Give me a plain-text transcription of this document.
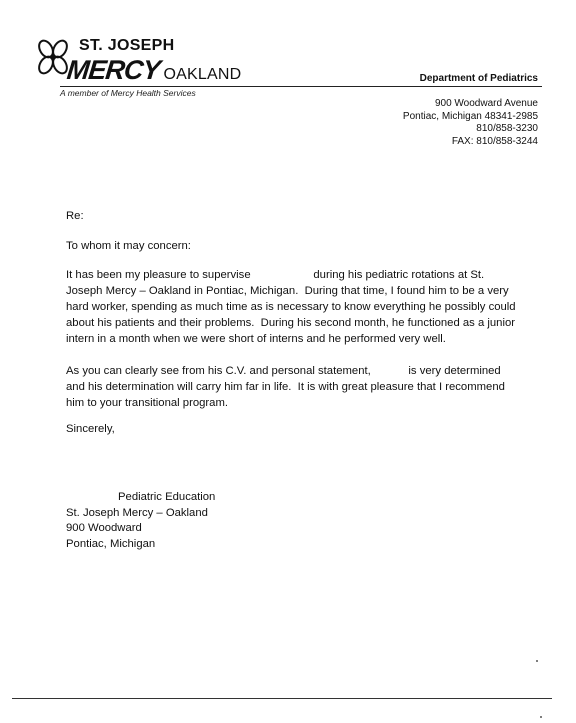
ST. JOSEPH
MERCY OAKLAND	Department of Pediatrics
A member of Mercy Health Services
900 Woodward Avenue
Pontiac, Michigan 48341-2985
810/858-3230
FAX: 810/858-3244
Re:
To whom it may concern:
It has been my pleasure to supervise                    during his pediatric rotations at St. Joseph Mercy – Oakland in Pontiac, Michigan.  During that time, I found him to be a very hard worker, spending as much time as is necessary to know everything he possibly could about his patients and their problems.  During his second month, he functioned as a junior intern in a month when we were short of interns and he performed very well.
As you can clearly see from his C.V. and personal statement,            is very determined and his determination will carry him far in life.  It is with great pleasure that I recommend him to your transitional program.
Sincerely,
Pediatric Education
St. Joseph Mercy – Oakland
900 Woodward
Pontiac, Michigan
